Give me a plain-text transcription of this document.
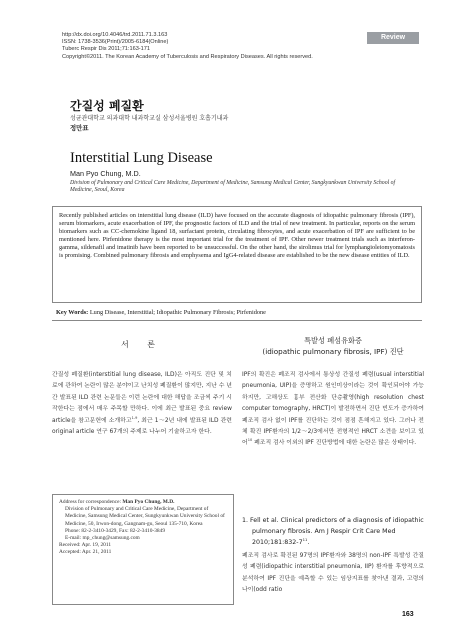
http://dx.doi.org/10.4046/trd.2011.71.3.163
ISSN: 1738-3536(Print)/2005-6184(Online)
Tuberc Respir Dis 2011;71:163-171
Copyright©2011. The Korean Academy of Tuberculosis and Respiratory Diseases. All rights reserved.
Review
간질성 폐질환
성균관대학교 의과대학 내과학교실 삼성서울병원 호흡기내과
정만표
Interstitial Lung Disease
Man Pyo Chung, M.D.
Division of Pulmonary and Critical Care Medicine, Department of Medicine, Samsung Medical Center, Sungkyunkwan University School of Medicine, Seoul, Korea
Recently published articles on interstitial lung disease (ILD) have focused on the accurate diagnosis of idiopathic pulmonary fibrosis (IPF), serum biomarkers, acute exacerbation of IPF, the prognostic factors of ILD and the trial of new treatment. In particular, reports on the serum biomarkers such as CC-chemokine ligand 18, surfactant protein, circulating fibrocytes, and acute exacerbation of IPF are sufficient to be mentioned here. Pirfenidone therapy is the most important trial for the treatment of IPF. Other newer treatment trials such as interferon-gamma, sildenafil and imatinib have been reported to be unsuccessful. On the other hand, the sirolimus trial for lymphangioleiomyomatosis is promising. Combined pulmonary fibrosis and emphysema and IgG4-related disease are established to be the new disease entities of ILD.
Key Words: Lung Disease, Interstitial; Idiopathic Pulmonary Fibrosis; Pirfenidone
서 론
간질성 폐질환(interstitial lung disease, ILD)은 아직도 진단 및 치료에 관하여 논란이 많은 분야이고 난치성 폐질환이 많지만, 지난 수 년간 발표된 ILD 관련 논문들은 이런 논란에 대한 해답을 조금씩 주기 시작한다는 점에서 매우 주목할 만하다. 이에 최근 발표된 중요 review article을 참고문헌에 소개하고$^{1-9}$, 최근 1～2년 내에 발표된 ILD 관련 original article 연구 67개의 주제로 나누어 기술하고자 한다.
Address for correspondence: Man Pyo Chung, M.D.
Division of Pulmonary and Critical Care Medicine, Department of Medicine, Samsung Medical Center, Sungkyunkwan University School of Medicine, 50, Irwon-dong, Gangnam-gu, Seoul 135-710, Korea
Phone: 82-2-3410-3429, Fax: 82-2-3410-3849
E-mail: mp_chung@samsung.com
Received: Apr. 19, 2011
Accepted: Apr. 21, 2011
특발성 폐섬유화증
(idiopathic pulmonary fibrosis, IPF) 진단
IPF의 확진은 폐조직 검사에서 통상성 간질성 폐렴(usual interstitial pneumonia, UIP)을 증명하고 원인미상이라는 것이 확인되어야 가능하지만, 고해상도 흉부 전산화 단층촬영(high resolution chest computer tomography, HRCT)이 발전하면서 진단 빈도가 증가하여 폐조직 검사 없이 IPF를 진단하는 것이 점점 흔해지고 있다. 그러나 전체 확진 IPF환자의 1/2～2/3에서만 전형적인 HRCT 소견을 보이고 있어$^{10}$ 폐조직 검사 이외의 IPF 진단방법에 대한 논란은 많은 상태이다.
1. Fell et al. Clinical predictors of a diagnosis of idiopathic pulmonary fibrosis. Am J Respir Crit Care Med $2010;181:832-7^{11}$.
폐조직 검사로 확진된 97명의 IPF환자와 38명의 non-IPF 특발성 간질성 폐렴(idiopathic interstitial pneumonia, IIP) 환자를 후향적으로 분석하여 IPF 진단을 예측할 수 있는 임상지표를 찾아낸 결과, 고령의 나이(odd ratio
163
